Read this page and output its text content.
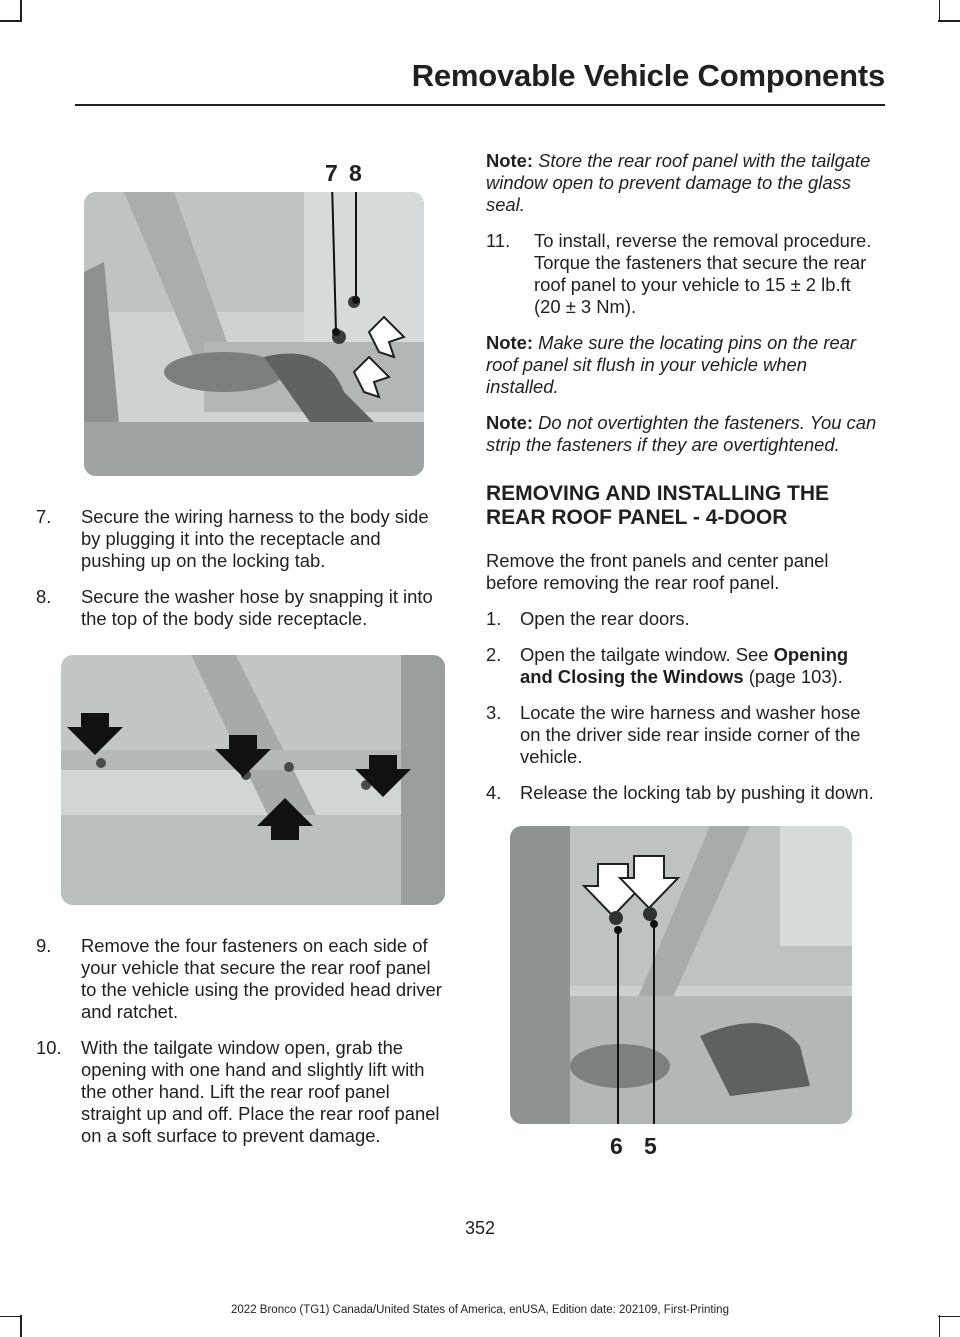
Removable Vehicle Components
7 8
7. Secure the wiring harness to the body side by plugging it into the receptacle and pushing up on the locking tab.
8. Secure the washer hose by snapping it into the top of the body side receptacle.
9. Remove the four fasteners on each side of your vehicle that secure the rear roof panel to the vehicle using the provided head driver and ratchet.
10. With the tailgate window open, grab the opening with one hand and slightly lift with the other hand. Lift the rear roof panel straight up and off. Place the rear roof panel on a soft surface to prevent damage.
Note: Store the rear roof panel with the tailgate window open to prevent damage to the glass seal.
11. To install, reverse the removal procedure. Torque the fasteners that secure the rear roof panel to your vehicle to 15 ± 2 lb.ft (20 ± 3 Nm).
Note: Make sure the locating pins on the rear roof panel sit flush in your vehicle when installed.
Note: Do not overtighten the fasteners. You can strip the fasteners if they are overtightened.
REMOVING AND INSTALLING THE REAR ROOF PANEL - 4-DOOR
Remove the front panels and center panel before removing the rear roof panel.
1. Open the rear doors.
2. Open the tailgate window. See Opening and Closing the Windows (page 103).
3. Locate the wire harness and washer hose on the driver side rear inside corner of the vehicle.
4. Release the locking tab by pushing it down.
6 5
352
2022 Bronco (TG1) Canada/United States of America, enUSA, Edition date: 202109, First-Printing
